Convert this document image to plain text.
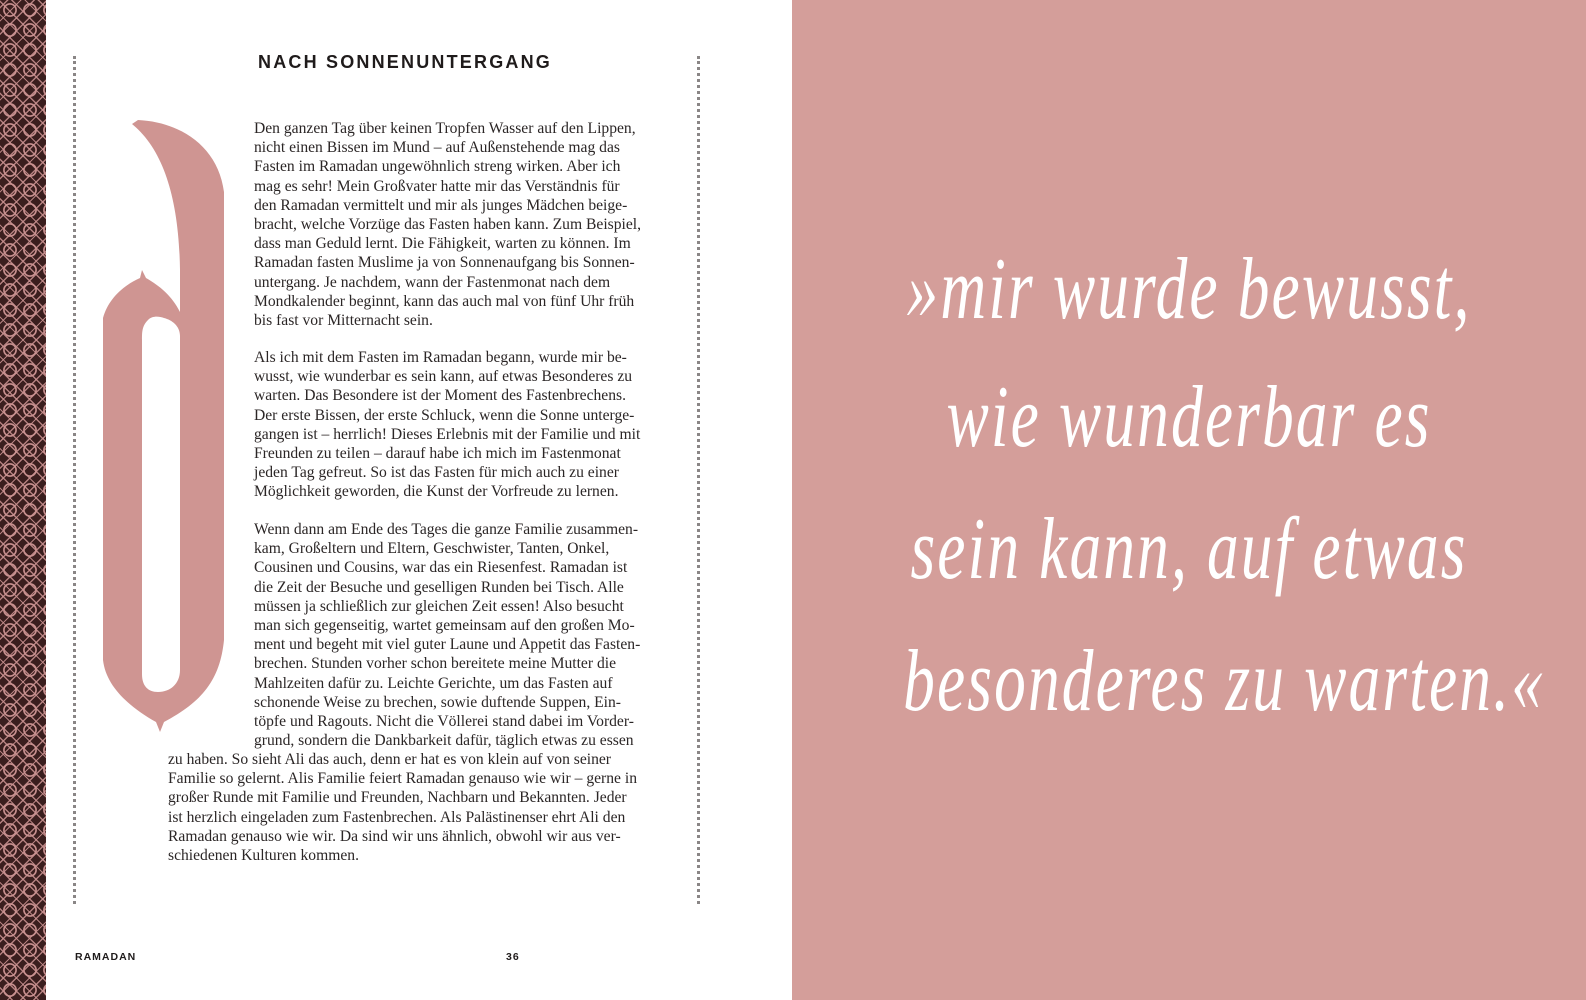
NACH SONNENUNTERGANG
Den ganzen Tag über keinen Tropfen Wasser auf den Lippen,
nicht einen Bissen im Mund – auf Außenstehende mag das
Fasten im Ramadan ungewöhnlich streng wirken. Aber ich
mag es sehr! Mein Großvater hatte mir das Verständnis für
den Ramadan vermittelt und mir als junges Mädchen beige-
bracht, welche Vorzüge das Fasten haben kann. Zum Beispiel,
dass man Geduld lernt. Die Fähigkeit, warten zu können. Im
Ramadan fasten Muslime ja von Sonnenaufgang bis Sonnen-
untergang. Je nachdem, wann der Fastenmonat nach dem
Mondkalender beginnt, kann das auch mal von fünf Uhr früh
bis fast vor Mitternacht sein.
Als ich mit dem Fasten im Ramadan begann, wurde mir be-
wusst, wie wunderbar es sein kann, auf etwas Besonderes zu
warten. Das Besondere ist der Moment des Fastenbrechens.
Der erste Bissen, der erste Schluck, wenn die Sonne unterge-
gangen ist – herrlich! Dieses Erlebnis mit der Familie und mit
Freunden zu teilen – darauf habe ich mich im Fastenmonat
jeden Tag gefreut. So ist das Fasten für mich auch zu einer
Möglichkeit geworden, die Kunst der Vorfreude zu lernen.
Wenn dann am Ende des Tages die ganze Familie zusammen-
kam, Großeltern und Eltern, Geschwister, Tanten, Onkel,
Cousinen und Cousins, war das ein Riesenfest. Ramadan ist
die Zeit der Besuche und geselligen Runden bei Tisch. Alle
müssen ja schließlich zur gleichen Zeit essen! Also besucht
man sich gegenseitig, wartet gemeinsam auf den großen Mo-
ment und begeht mit viel guter Laune und Appetit das Fasten-
brechen. Stunden vorher schon bereitete meine Mutter die
Mahlzeiten dafür zu. Leichte Gerichte, um das Fasten auf
schonende Weise zu brechen, sowie duftende Suppen, Ein-
töpfe und Ragouts. Nicht die Völlerei stand dabei im Vorder-
grund, sondern die Dankbarkeit dafür, täglich etwas zu essen
zu haben. So sieht Ali das auch, denn er hat es von klein auf von seiner
Familie so gelernt. Alis Familie feiert Ramadan genauso wie wir – gerne in
großer Runde mit Familie und Freunden, Nachbarn und Bekannten. Jeder
ist herzlich eingeladen zum Fastenbrechen. Als Palästinenser ehrt Ali den
Ramadan genauso wie wir. Da sind wir uns ähnlich, obwohl wir aus ver-
schiedenen Kulturen kommen.
RAMADAN	36
»mir wurde bewusst,
wie wunderbar es
sein kann, auf etwas
besonderes zu warten.«
